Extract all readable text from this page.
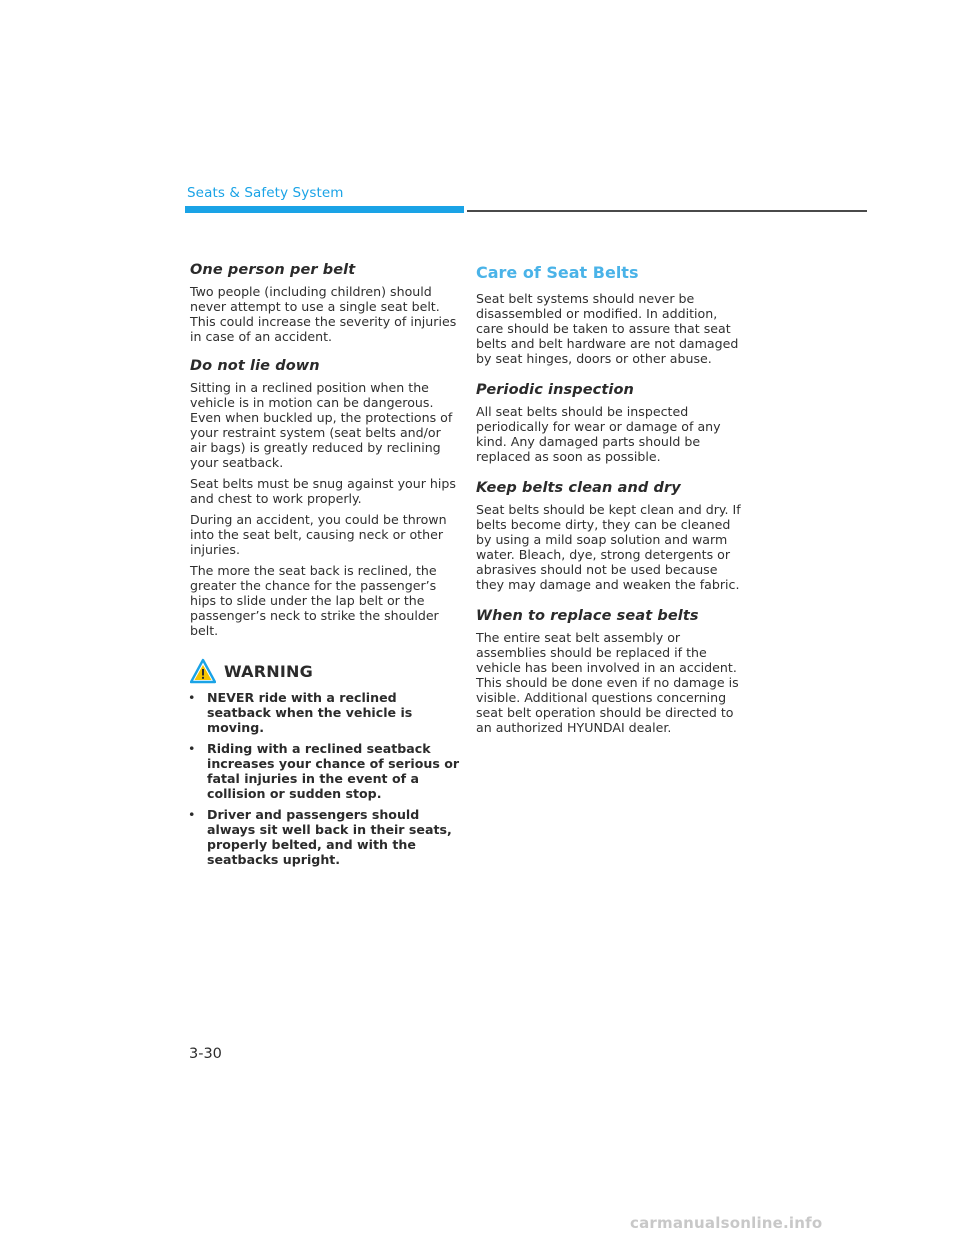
Seats & Safety System
One person per belt

Two people (including children) should never attempt to use a single seat belt. This could increase the severity of injuries in case of an accident.

Do not lie down

Sitting in a reclined position when the vehicle is in motion can be dangerous. Even when buckled up, the protections of your restraint system (seat belts and/or air bags) is greatly reduced by reclining your seatback.

Seat belts must be snug against your hips and chest to work properly.

During an accident, you could be thrown into the seat belt, causing neck or other injuries.

The more the seat back is reclined, the greater the chance for the passenger’s hips to slide under the lap belt or the passenger’s neck to strike the shoulder belt.

WARNING
• NEVER ride with a reclined seatback when the vehicle is moving.
• Riding with a reclined seatback increases your chance of serious or fatal injuries in the event of a collision or sudden stop.
• Driver and passengers should always sit well back in their seats, properly belted, and with the seatbacks upright.
Care of Seat Belts

Seat belt systems should never be disassembled or modified. In addition, care should be taken to assure that seat belts and belt hardware are not damaged by seat hinges, doors or other abuse.

Periodic inspection

All seat belts should be inspected periodically for wear or damage of any kind. Any damaged parts should be replaced as soon as possible.

Keep belts clean and dry

Seat belts should be kept clean and dry. If belts become dirty, they can be cleaned by using a mild soap solution and warm water. Bleach, dye, strong detergents or abrasives should not be used because they may damage and weaken the fabric.

When to replace seat belts

The entire seat belt assembly or assemblies should be replaced if the vehicle has been involved in an accident. This should be done even if no damage is visible. Additional questions concerning seat belt operation should be directed to an authorized HYUNDAI dealer.

3-30
carmanualsonline.info
